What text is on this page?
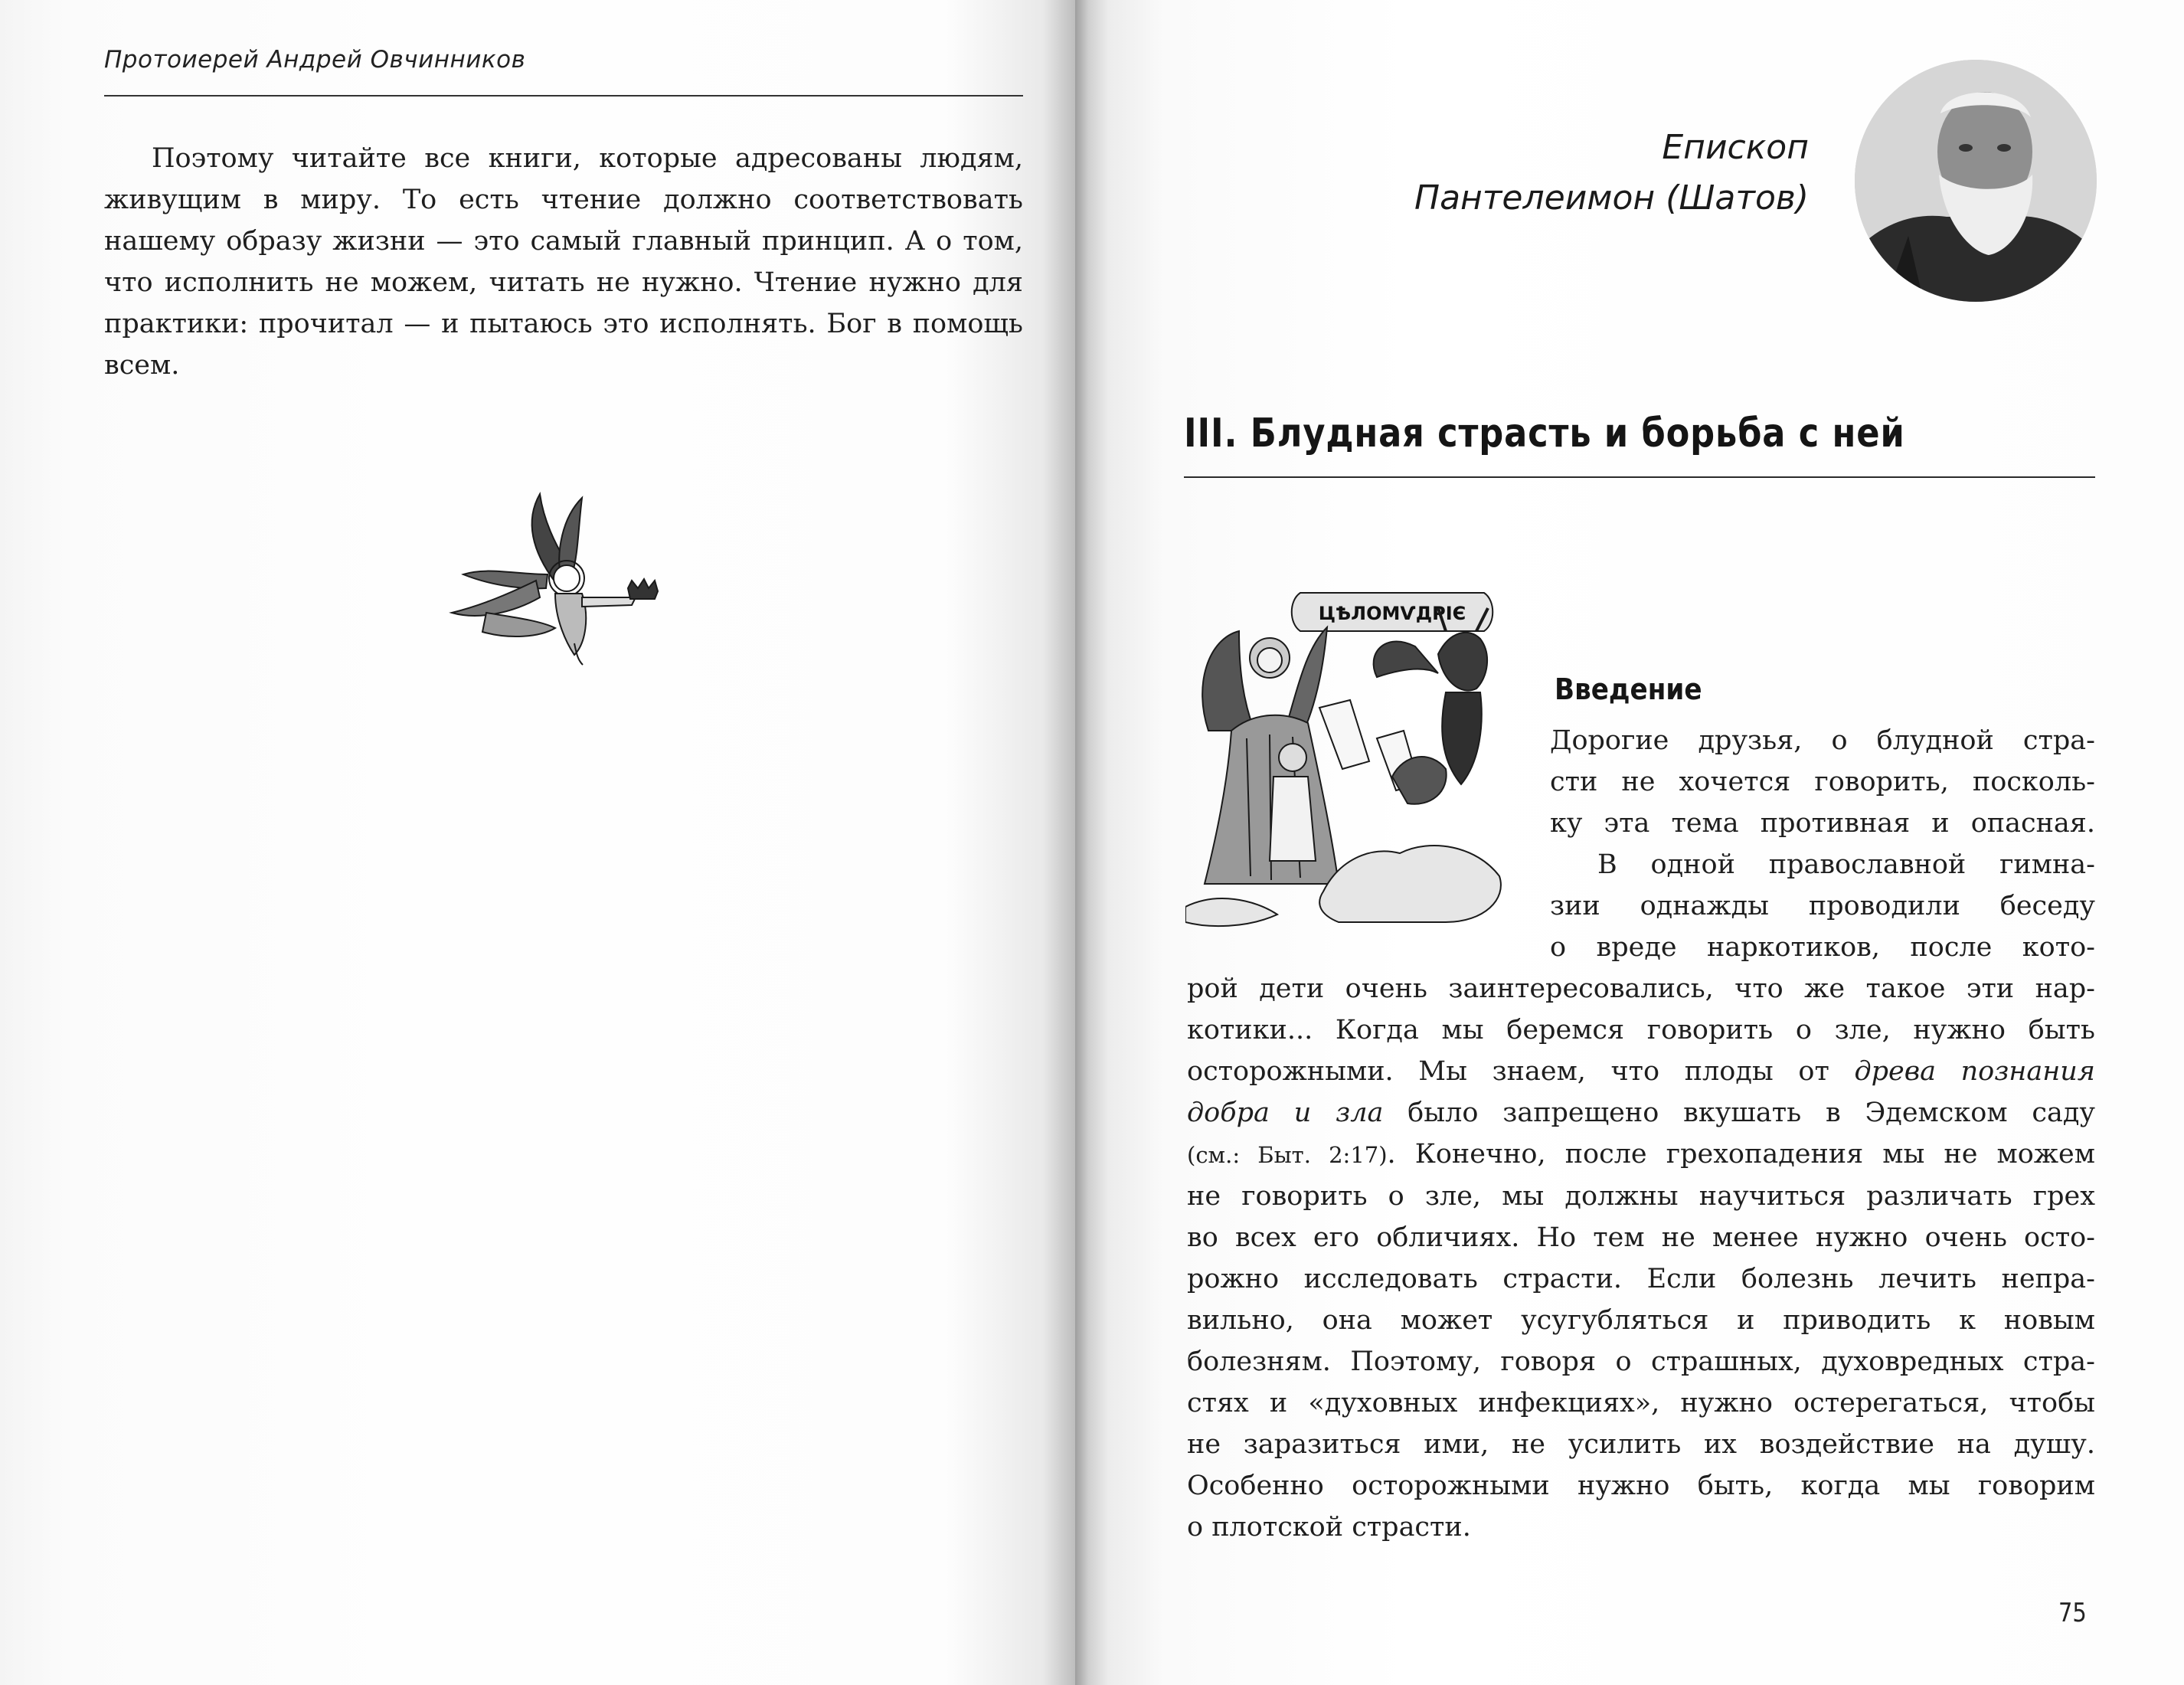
Протоиерей Андрей Овчинников

Поэтому читайте все книги, которые адресованы людям, живущим в миру. То есть чтение должно соответствовать нашему образу жизни — это самый главный принцип. А о том, что исполнить не можем, читать не нужно. Чтение нужно для практики: прочитал — и пытаюсь это исполнять. Бог в помощь всем.

Епископ
Пантелеимон (Шатов)
III. Блудная страсть и борьба с ней
ЦѢЛОМѴДРІЄ
Введение
Дорогие друзья, о блудной стра-
сти не хочется говорить, посколь-
ку эта тема противная и опасная.
В одной православной гимна-
зии однажды проводили беседу
о вреде наркотиков, после кото-
рой дети очень заинтересовались, что же такое эти нар-
котики... Когда мы беремся говорить о зле, нужно быть
осторожными. Мы знаем, что плоды от древа познания
добра и зла было запрещено вкушать в Эдемском саду
(см.: Быт. 2:17). Конечно, после грехопадения мы не можем
не говорить о зле, мы должны научиться различать грех
во всех его обличиях. Но тем не менее нужно очень осто-
рожно исследовать страсти. Если болезнь лечить непра-
вильно, она может усугубляться и приводить к новым
болезням. Поэтому, говоря о страшных, духовредных стра-
стях и «духовных инфекциях», нужно остерегаться, чтобы
не заразиться ими, не усилить их воздействие на душу.
Особенно осторожными нужно быть, когда мы говорим
о плотской страсти.
75
